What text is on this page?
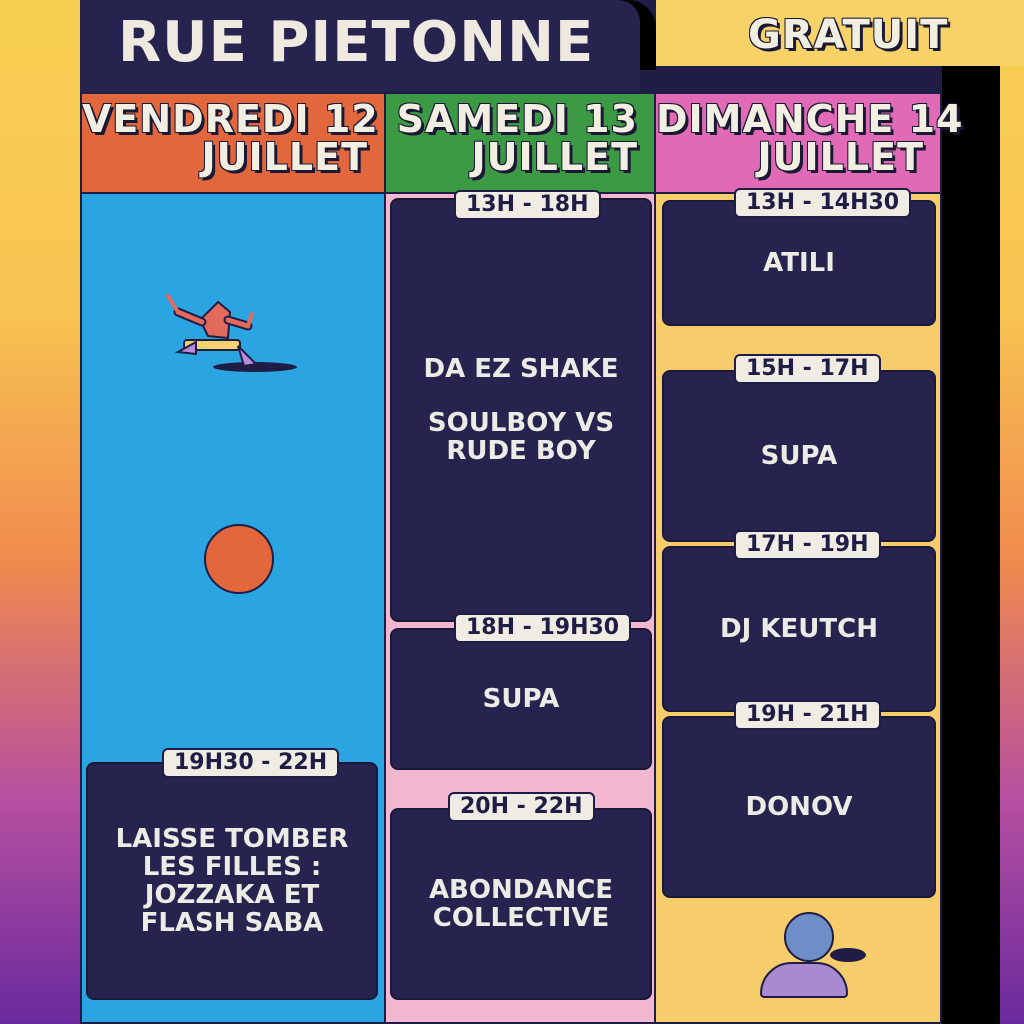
RUE PIETONNE	GRATUIT
VENDREDI 12
JUILLET
SAMEDI 13
JUILLET
DIMANCHE 14
JUILLET
LAISSE TOMBER
LES FILLES :
JOZZAKA ET
FLASH SABA
19H30 - 22H
DA EZ SHAKE
SOULBOY VS
RUDE BOY
13H - 18H
SUPA
18H - 19H30
ABONDANCE
COLLECTIVE
20H - 22H
ATILI
13H - 14H30
SUPA
15H - 17H
DJ KEUTCH
17H - 19H
DONOV
19H - 21H
